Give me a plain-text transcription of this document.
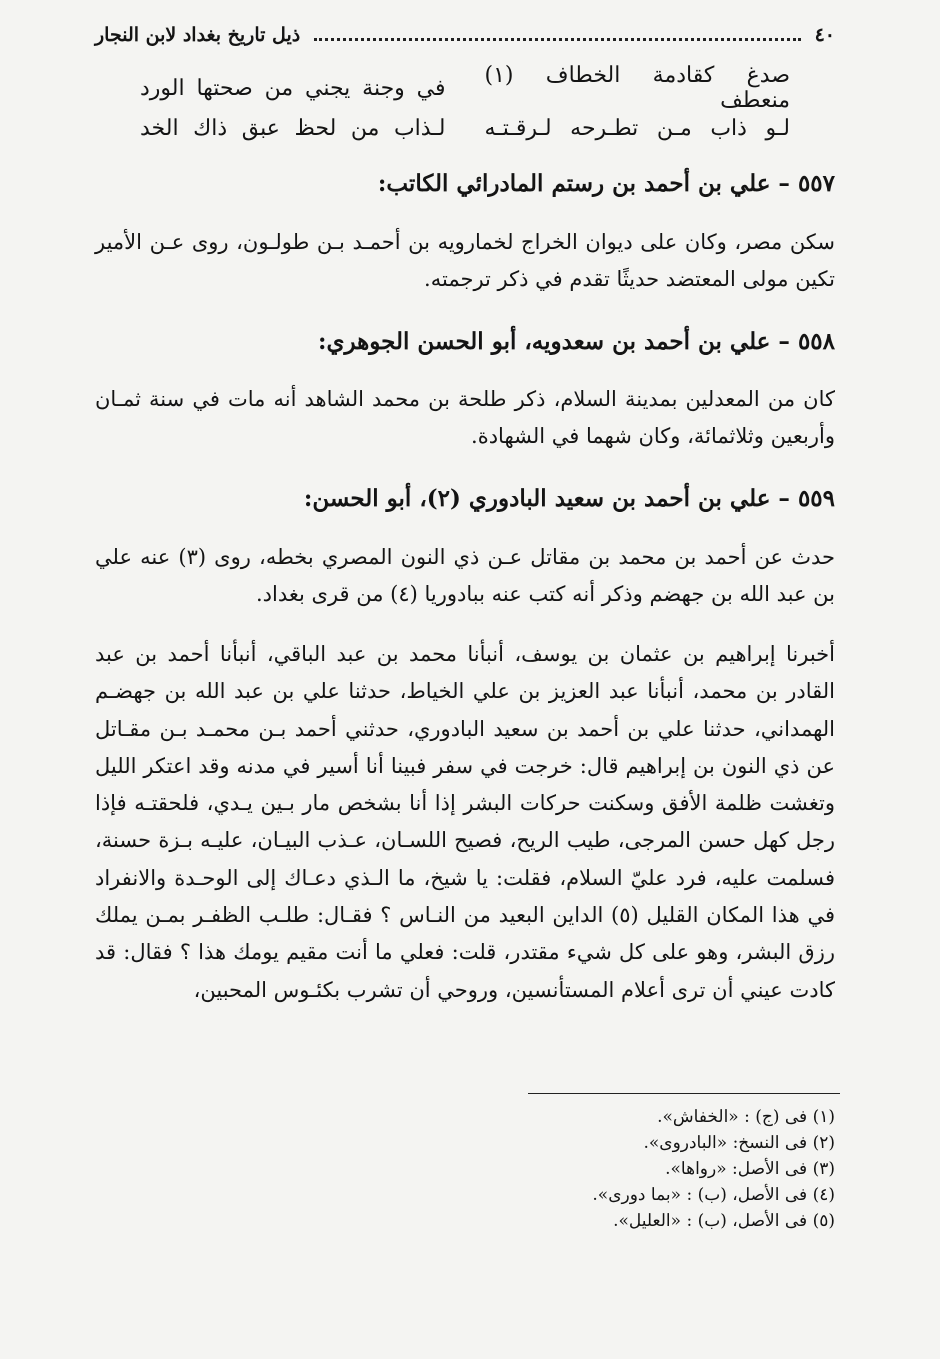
٤٠
ذيل تاريخ بغداد لابن النجار
صدغ كقادمة الخطاف (١) منعطف
في وجنة يجني من صحتها الورد
لـو ذاب مـن تطـرحه لـرقـتـه
لـذاب من لحظ عبق ذاك الخد
٥٥٧ – علي بن أحمد بن رستم المادرائي الكاتب:
سكن مصر، وكان على ديوان الخراج لخمارويه بن أحمـد بـن طولـون، روى عـن الأمير تكين مولى المعتضد حديثًا تقدم في ذكر ترجمته.
٥٥٨ – علي بن أحمد بن سعدويه، أبو الحسن الجوهري:
كان من المعدلين بمدينة السلام، ذكر طلحة بن محمد الشاهد أنه مات في سنة ثمـان وأربعين وثلاثمائة، وكان شهما في الشهادة.
٥٥٩ – علي بن أحمد بن سعيد البادوري (٢)، أبو الحسن:
حدث عن أحمد بن محمد بن مقاتل عـن ذي النون المصري بخطه، روى (٣) عنه علي بن عبد الله بن جهضم وذكر أنه كتب عنه ببادوريا (٤) من قرى بغداد.
أخبرنا إبراهيم بن عثمان بن يوسف، أنبأنا محمد بن عبد الباقي، أنبأنا أحمد بن عبد القادر بن محمد، أنبأنا عبد العزيز بن علي الخياط، حدثنا علي بن عبد الله بن جهضـم الهمداني، حدثنا علي بن أحمد بن سعيد البادوري، حدثني أحمد بـن محمـد بـن مقـاتل عن ذي النون بن إبراهيم قال: خرجت في سفر فبينا أنا أسير في مدنه وقد اعتكر الليل وتغشت ظلمة الأفق وسكنت حركات البشر إذا أنا بشخص مار بـين يـدي، فلحقتـه فإذا رجل كهل حسن المرجى، طيب الريح، فصيح اللسـان، عـذب البيـان، عليـه بـزة حسنة، فسلمت عليه، فرد عليّ السلام، فقلت: يا شيخ، ما الـذي دعـاك إلى الوحـدة والانفراد في هذا المكان القليل (٥) الداين البعيد من النـاس ؟ فقـال: طلـب الظفـر بمـن يملك رزق البشر، وهو على كل شيء مقتدر، قلت: فعلي ما أنت مقيم يومك هذا ؟ فقال: قد كادت عيني أن ترى أعلام المستأنسين، وروحي أن تشرب بكئـوس المحبين،
(١) فى (ج) : «الخفاش».
(٢) فى النسخ: «البادروى».
(٣) فى الأصل: «رواها».
(٤) فى الأصل، (ب) : «بما دورى».
(٥) فى الأصل، (ب) : «العليل».
